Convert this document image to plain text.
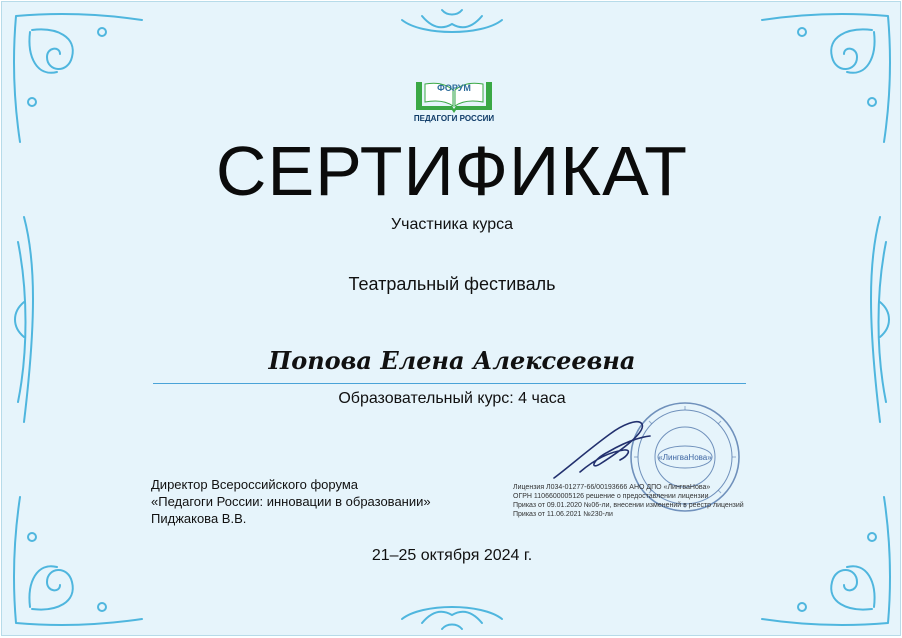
ФОРУМ
ПЕДАГОГИ РОССИИ
СЕРТИФИКАТ
Участника курса
Театральный фестиваль
Попова Елена Алексеевна
Образовательный курс: 4 часа
Директор Всероссийского форума
«Педагоги России: инновации в образовании»
Пиджакова В.В.
«ЛингваНова»
Лицензия Л034-01277-66/00193666 АНО ДПО «ЛингваНова»
ОГРН 1106600005126 решение о предоставлении лицензии
Приказ от 09.01.2020 №06-ли, внесении изменений в реестр лицензий
Приказ от 11.06.2021 №230-ли
21–25 октября 2024 г.
